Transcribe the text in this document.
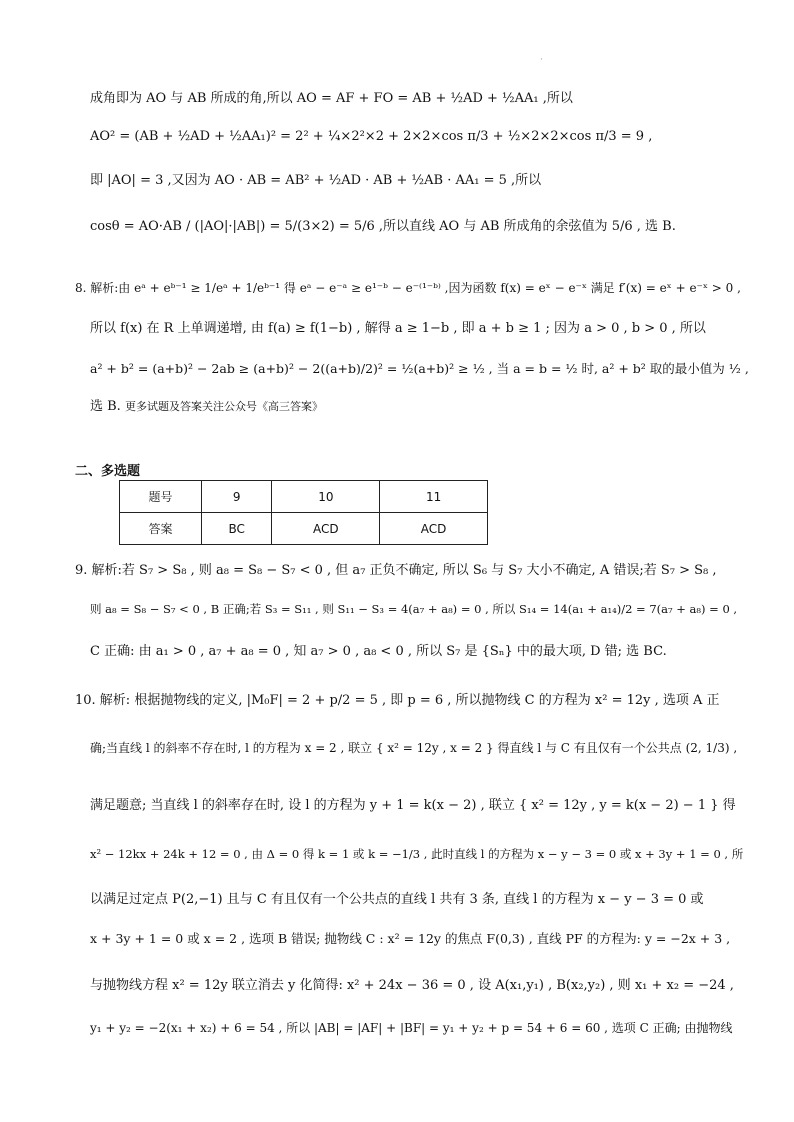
·
成角即为 AO 与 AB 所成的角,所以 AO = AF + FO = AB + ½AD + ½AA₁ ,所以
AO² = (AB + ½AD + ½AA₁)² = 2² + ¼×2²×2 + 2×2×cos π/3 + ½×2×2×cos π/3 = 9 ,
即 |AO| = 3 ,又因为 AO · AB = AB² + ½AD · AB + ½AB · AA₁ = 5 ,所以
cosθ = AO·AB / (|AO|·|AB|) = 5/(3×2) = 5/6 ,所以直线 AO 与 AB 所成角的余弦值为 5/6 , 选 B.
8. 解析:由 eᵃ + eᵇ⁻¹ ≥ 1/eᵃ + 1/eᵇ⁻¹ 得 eᵃ − e⁻ᵃ ≥ e¹⁻ᵇ − e⁻⁽¹⁻ᵇ⁾ ,因为函数 f(x) = eˣ − e⁻ˣ 满足 f′(x) = eˣ + e⁻ˣ > 0 ,
所以 f(x) 在 R 上单调递增, 由 f(a) ≥ f(1−b) , 解得 a ≥ 1−b , 即 a + b ≥ 1 ; 因为 a > 0 , b > 0 , 所以
a² + b² = (a+b)² − 2ab ≥ (a+b)² − 2((a+b)/2)² = ½(a+b)² ≥ ½ , 当 a = b = ½ 时, a² + b² 取的最小值为 ½ ,
选 B. 更多试题及答案关注公众号《高三答案》
二、多选题
题号	9	10	11
答案	BC	ACD	ACD
9. 解析:若 S₇ > S₈ , 则 a₈ = S₈ − S₇ < 0 , 但 a₇ 正负不确定, 所以 S₆ 与 S₇ 大小不确定, A 错误;若 S₇ > S₈ ,
则 a₈ = S₈ − S₇ < 0 , B 正确;若 S₃ = S₁₁ , 则 S₁₁ − S₃ = 4(a₇ + a₈) = 0 , 所以 S₁₄ = 14(a₁ + a₁₄)/2 = 7(a₇ + a₈) = 0 ,
C 正确: 由 a₁ > 0 , a₇ + a₈ = 0 , 知 a₇ > 0 , a₈ < 0 , 所以 S₇ 是 {Sₙ} 中的最大项, D 错; 选 BC.
10. 解析: 根据抛物线的定义, |M₀F| = 2 + p/2 = 5 , 即 p = 6 , 所以抛物线 C 的方程为 x² = 12y , 选项 A 正
确;当直线 l 的斜率不存在时, l 的方程为 x = 2 , 联立 { x² = 12y , x = 2 } 得直线 l 与 C 有且仅有一个公共点 (2, 1/3) ,
满足题意; 当直线 l 的斜率存在时, 设 l 的方程为 y + 1 = k(x − 2) , 联立 { x² = 12y , y = k(x − 2) − 1 } 得
x² − 12kx + 24k + 12 = 0 , 由 Δ = 0 得 k = 1 或 k = −1/3 , 此时直线 l 的方程为 x − y − 3 = 0 或 x + 3y + 1 = 0 , 所
以满足过定点 P(2,−1) 且与 C 有且仅有一个公共点的直线 l 共有 3 条, 直线 l 的方程为 x − y − 3 = 0 或
x + 3y + 1 = 0 或 x = 2 , 选项 B 错误; 抛物线 C : x² = 12y 的焦点 F(0,3) , 直线 PF 的方程为: y = −2x + 3 ,
与抛物线方程 x² = 12y 联立消去 y 化简得: x² + 24x − 36 = 0 , 设 A(x₁,y₁) , B(x₂,y₂) , 则 x₁ + x₂ = −24 ,
y₁ + y₂ = −2(x₁ + x₂) + 6 = 54 , 所以 |AB| = |AF| + |BF| = y₁ + y₂ + p = 54 + 6 = 60 , 选项 C 正确; 由抛物线
